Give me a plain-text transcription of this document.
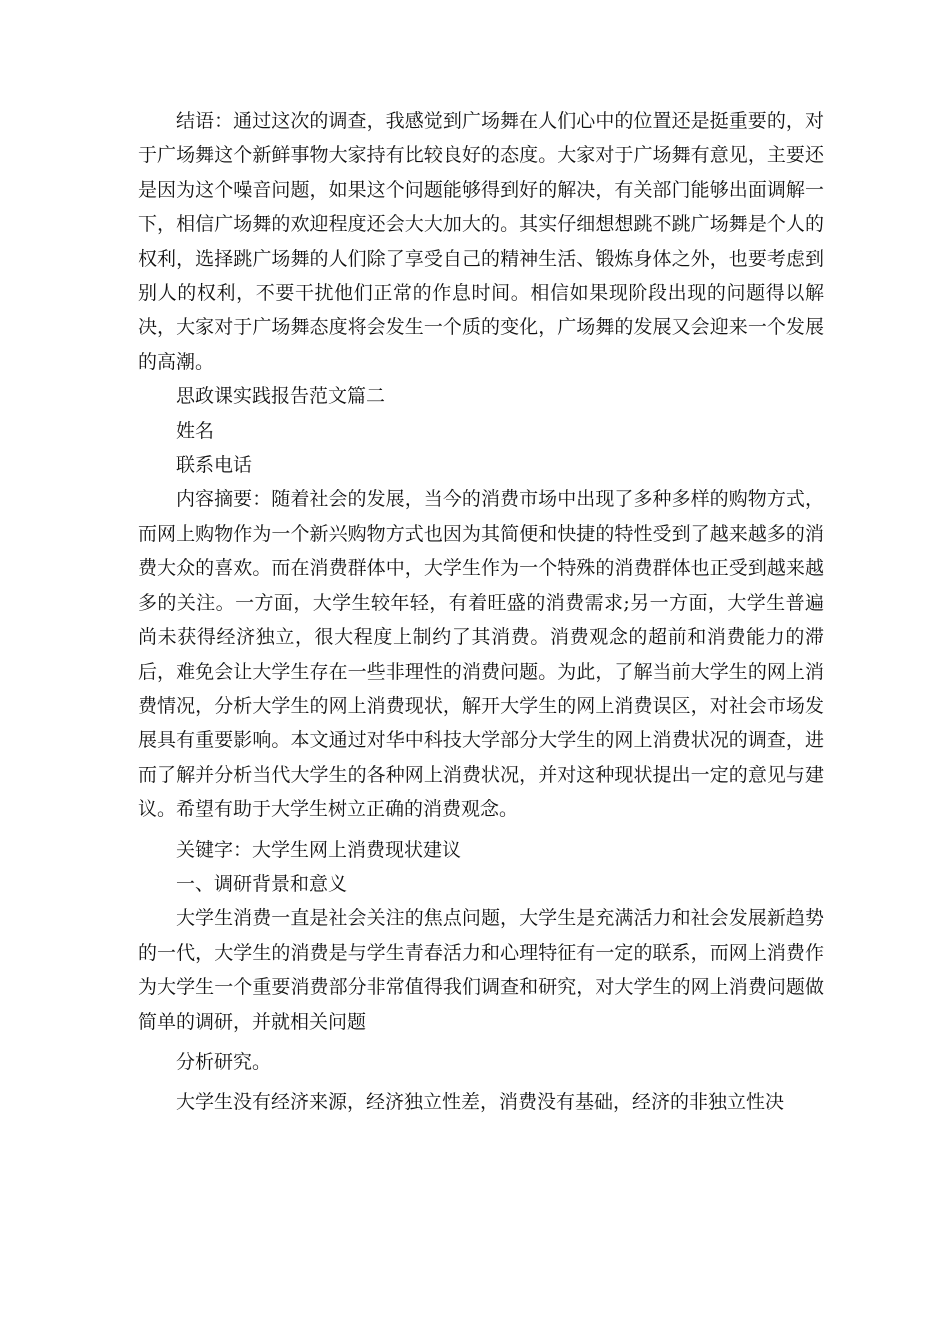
结语：通过这次的调查，我感觉到广场舞在人们心中的位置还是挺重要的，对于广场舞这个新鲜事物大家持有比较良好的态度。大家对于广场舞有意见，主要还是因为这个噪音问题，如果这个问题能够得到好的解决，有关部门能够出面调解一下，相信广场舞的欢迎程度还会大大加大的。其实仔细想想跳不跳广场舞是个人的权利，选择跳广场舞的人们除了享受自己的精神生活、锻炼身体之外，也要考虑到别人的权利，不要干扰他们正常的作息时间。相信如果现阶段出现的问题得以解决，大家对于广场舞态度将会发生一个质的变化，广场舞的发展又会迎来一个发展的高潮。

思政课实践报告范文篇二

姓名

联系电话

内容摘要：随着社会的发展，当今的消费市场中出现了多种多样的购物方式，而网上购物作为一个新兴购物方式也因为其简便和快捷的特性受到了越来越多的消费大众的喜欢。而在消费群体中，大学生作为一个特殊的消费群体也正受到越来越多的关注。一方面，大学生较年轻，有着旺盛的消费需求;另一方面，大学生普遍尚未获得经济独立，很大程度上制约了其消费。消费观念的超前和消费能力的滞后，难免会让大学生存在一些非理性的消费问题。为此，了解当前大学生的网上消费情况，分析大学生的网上消费现状，解开大学生的网上消费误区，对社会市场发展具有重要影响。本文通过对华中科技大学部分大学生的网上消费状况的调查，进而了解并分析当代大学生的各种网上消费状况，并对这种现状提出一定的意见与建议。希望有助于大学生树立正确的消费观念。

关键字：大学生网上消费现状建议

一、调研背景和意义

大学生消费一直是社会关注的焦点问题，大学生是充满活力和社会发展新趋势的一代，大学生的消费是与学生青春活力和心理特征有一定的联系，而网上消费作为大学生一个重要消费部分非常值得我们调查和研究，对大学生的网上消费问题做简单的调研，并就相关问题

分析研究。

大学生没有经济来源，经济独立性差，消费没有基础，经济的非独立性决
